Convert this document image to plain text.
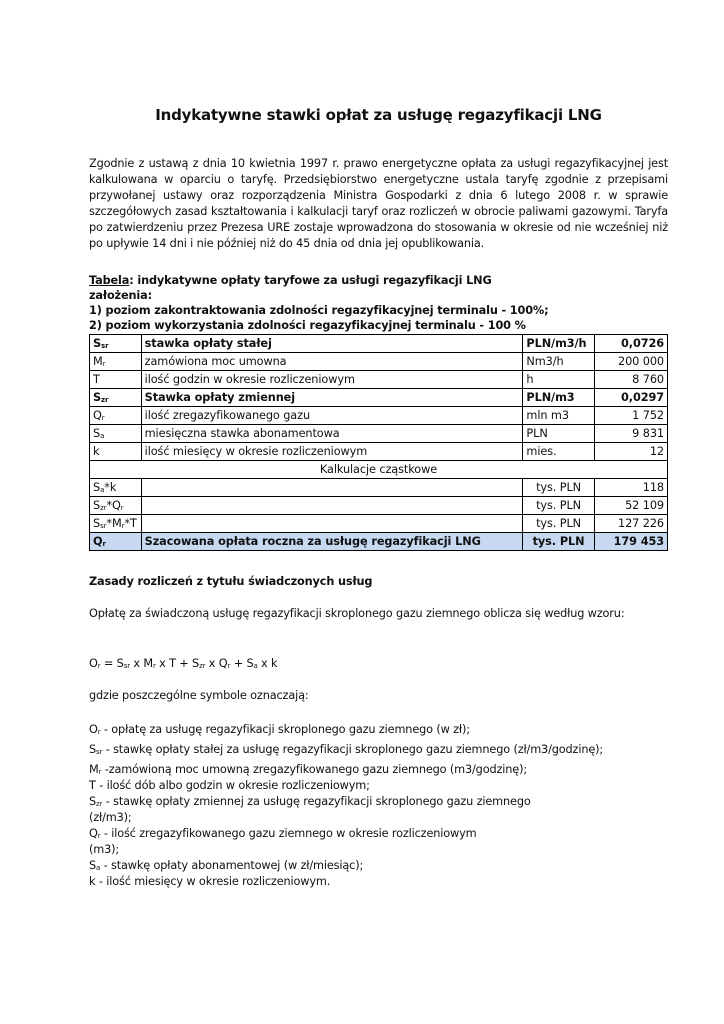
Indykatywne stawki opłat za usługę regazyfikacji LNG
Zgodnie z ustawą z dnia 10 kwietnia 1997 r. prawo energetyczne opłata za usługi regazyfikacyjnej jest kalkulowana w oparciu o taryfę. Przedsiębiorstwo energetyczne ustala taryfę zgodnie z przepisami przywołanej ustawy oraz rozporządzenia Ministra Gospodarki z dnia 6 lutego 2008 r. w sprawie szczegółowych zasad kształtowania i kalkulacji taryf oraz rozliczeń w obrocie paliwami gazowymi. Taryfa po zatwierdzeniu przez Prezesa URE zostaje wprowadzona do stosowania w okresie od nie wcześniej niż po upływie 14 dni i nie później niż do 45 dnia od dnia jej opublikowania.
Tabela: indykatywne opłaty taryfowe za usługi regazyfikacji LNG
założenia:
1) poziom zakontraktowania zdolności regazyfikacyjnej terminalu - 100%;
2) poziom wykorzystania zdolności regazyfikacyjnej terminalu - 100 %
$S_{sr}$	stawka opłaty stałej	PLN/m3/h	0,0726
$M_r$	zamówiona moc umowna	Nm3/h	200 000
T	ilość godzin w okresie rozliczeniowym	h	8 760
$S_{zr}$	Stawka opłaty zmiennej	PLN/m3	0,0297
$Q_r$	ilość zregazyfikowanego gazu	mln m3	1 752
$S_a$	miesięczna stawka abonamentowa	PLN	9 831
k	ilość miesięcy w okresie rozliczeniowym	mies.	12
Kalkulacje cząstkowe			
$S_a*k$		tys. PLN	118
$S_{zr}*Q_r$		tys. PLN	52 109
$S_{sr}*M_r*T$		tys. PLN	127 226
$Q_r$	Szacowana opłata roczna za usługę regazyfikacji LNG	tys. PLN	179 453
Zasady rozliczeń z tytułu świadczonych usług
Opłatę za świadczoną usługę regazyfikacji skroplonego gazu ziemnego oblicza się według wzoru:
$O_r = S_{sr}$ x $M_r$ x $T + S_{zr}$ x $Q_r + S_a$ x k
gdzie poszczególne symbole oznaczają:
$O_r$ - opłatę za usługę regazyfikacji skroplonego gazu ziemnego (w zł);
$S_{sr}$ - stawkę opłaty stałej za usługę regazyfikacji skroplonego gazu ziemnego (zł/m3/godzinę);
$M_r$ -zamówioną moc umowną zregazyfikowanego gazu ziemnego (m3/godzinę);
T - ilość dób albo godzin w okresie rozliczeniowym;
$S_{zr}$ - stawkę opłaty zmiennej za usługę regazyfikacji skroplonego gazu ziemnego
(zł/m3);
$Q_r$ - ilość zregazyfikowanego gazu ziemnego w okresie rozliczeniowym
(m3);
$S_a$ - stawkę opłaty abonamentowej (w zł/miesiąc);
k - ilość miesięcy w okresie rozliczeniowym.
